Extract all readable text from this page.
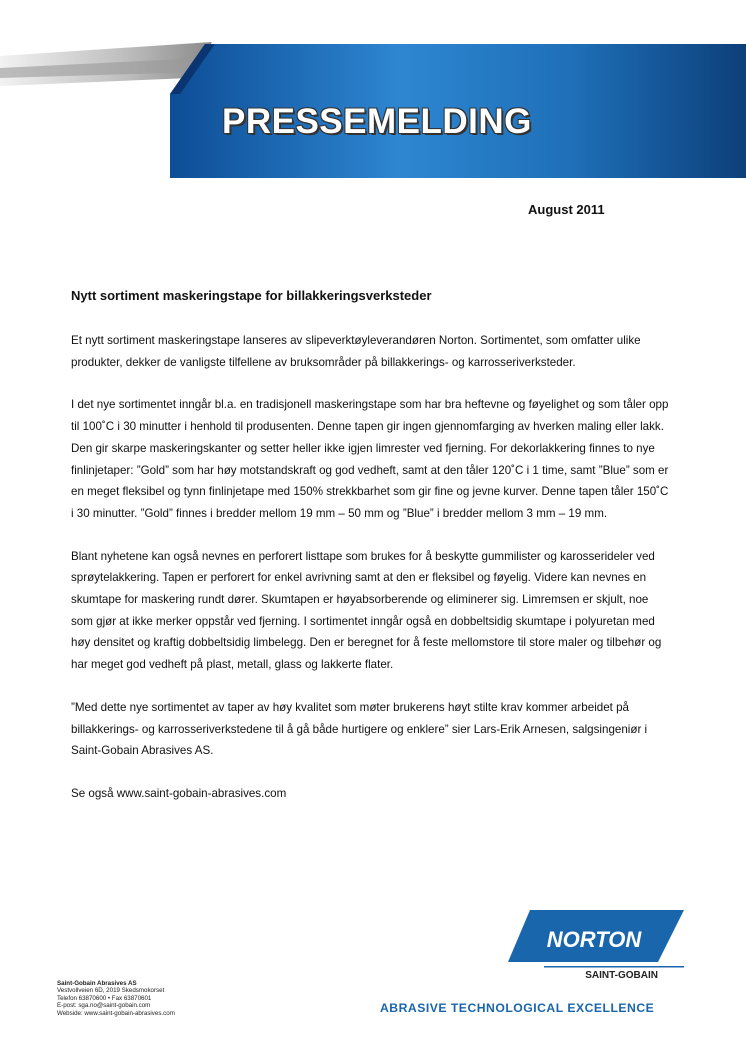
PRESSEMELDING
August 2011
Nytt sortiment maskeringstape for billakkeringsverksteder

Et nytt sortiment maskeringstape lanseres av slipeverktøyleverandøren Norton. Sortimentet, som omfatter ulike produkter, dekker de vanligste tilfellene av bruksområder på billakkerings- og karrosseriverksteder.

I det nye sortimentet inngår bl.a. en tradisjonell maskeringstape som har bra heftevne og føyelighet og som tåler opp til 100˚C i 30 minutter i henhold til produsenten. Denne tapen gir ingen gjennomfarging av hverken maling eller lakk. Den gir skarpe maskeringskanter og setter heller ikke igjen limrester ved fjerning. For dekorlakkering finnes to nye finlinjetaper: ”Gold” som har høy motstandskraft og god vedheft, samt at den tåler 120˚C i 1 time, samt ”Blue” som er en meget fleksibel og tynn finlinjetape med 150% strekkbarhet som gir fine og jevne kurver. Denne tapen tåler 150˚C i 30 minutter. ”Gold” finnes i bredder mellom 19 mm – 50 mm og ”Blue” i bredder mellom 3 mm – 19 mm.

Blant nyhetene kan også nevnes en perforert listtape som brukes for å beskytte gummilister og karosserideler ved sprøytelakkering. Tapen er perforert for enkel avrivning samt at den er fleksibel og føyelig. Videre kan nevnes en skumtape for maskering rundt dører. Skumtapen er høyabsorberende og eliminerer sig. Limremsen er skjult, noe som gjør at ikke merker oppstår ved fjerning. I sortimentet inngår også en dobbeltsidig skumtape i polyuretan med høy densitet og kraftig dobbeltsidig limbelegg. Den er beregnet for å feste mellomstore til store maler og tilbehør og har meget god vedheft på plast, metall, glass og lakkerte flater.

”Med dette nye sortimentet av taper av høy kvalitet som møter brukerens høyt stilte krav kommer arbeidet på billakkerings- og karrosseriverkstedene til å gå både hurtigere og enklere” sier Lars-Erik Arnesen, salgsingeniør i Saint-Gobain Abrasives AS.

Se også www.saint-gobain-abrasives.com

Saint-Gobain Abrasives AS
Vestvollveien 6D, 2019 Skedsmokorset
Telefon 63870600 • Fax 63870601
E-post: sga.no@saint-gobain.com
Webside: www.saint-gobain-abrasives.com
NORTON
SAINT-GOBAIN
ABRASIVE TECHNOLOGICAL EXCELLENCE
